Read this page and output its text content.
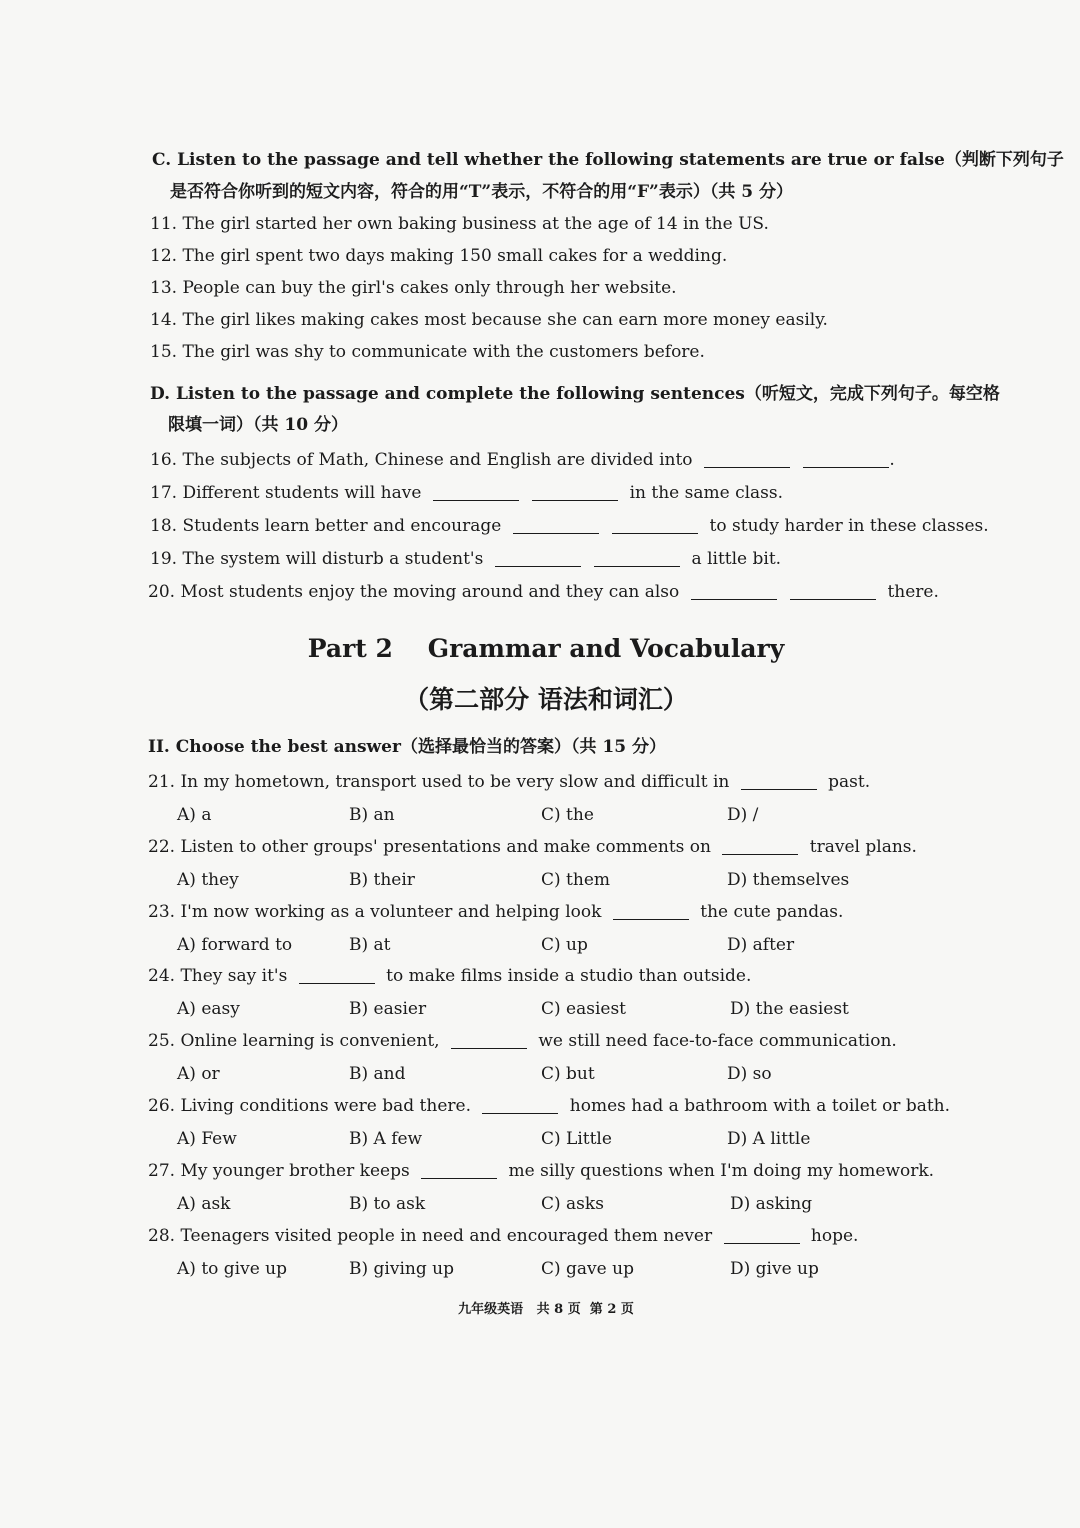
C. Listen to the passage and tell whether the following statements are true or false（判断下列句子
是否符合你听到的短文内容，符合的用“T”表示，不符合的用“F”表示）（共 5 分）
11. The girl started her own baking business at the age of 14 in the US.
12. The girl spent two days making 150 small cakes for a wedding.
13. People can buy the girl's cakes only through her website.
14. The girl likes making cakes most because she can earn more money easily.
15. The girl was shy to communicate with the customers before.
D. Listen to the passage and complete the following sentences（听短文，完成下列句子。每空格
限填一词）（共 10 分）
16. The subjects of Math, Chinese and English are divided into	.
17. Different students will have	in the same class.
18. Students learn better and encourage	to study harder in these classes.
19. The system will disturb a student's	a little bit.
20. Most students enjoy the moving around and they can also	there.
Part 2    Grammar and Vocabulary
（第二部分 语法和词汇）
II. Choose the best answer（选择最恰当的答案）（共 15 分）
21. In my hometown, transport used to be very slow and difficult in	past.
A) a	B) an	C) the	D) /
22. Listen to other groups' presentations and make comments on	travel plans.
A) they	B) their	C) them	D) themselves
23. I'm now working as a volunteer and helping look	the cute pandas.
A) forward to	B) at	C) up	D) after
24. They say it's	to make films inside a studio than outside.
A) easy	B) easier	C) easiest	D) the easiest
25. Online learning is convenient,	we still need face-to-face communication.
A) or	B) and	C) but	D) so
26. Living conditions were bad there.	homes had a bathroom with a toilet or bath.
A) Few	B) A few	C) Little	D) A little
27. My younger brother keeps	me silly questions when I'm doing my homework.
A) ask	B) to ask	C) asks	D) asking
28. Teenagers visited people in need and encouraged them never	hope.
A) to give up	B) giving up	C) gave up	D) give up
九年级英语   共 8 页  第 2 页
